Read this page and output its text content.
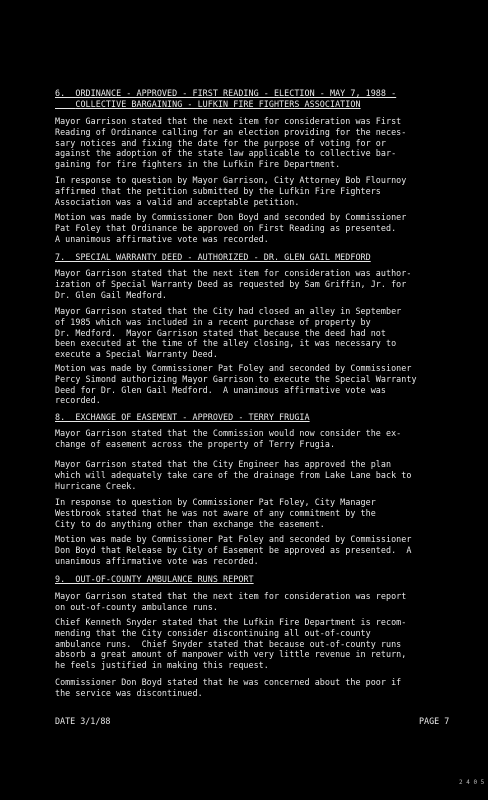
6.  ORDINANCE - APPROVED - FIRST READING - ELECTION - MAY 7, 1988 -
COLLECTIVE BARGAINING - LUFKIN FIRE FIGHTERS ASSOCIATION
Mayor Garrison stated that the next item for consideration was First
Reading of Ordinance calling for an election providing for the neces-
sary notices and fixing the date for the purpose of voting for or
against the adoption of the state law applicable to collective bar-
gaining for fire fighters in the Lufkin Fire Department.
In response to question by Mayor Garrison, City Attorney Bob Flournoy
affirmed that the petition submitted by the Lufkin Fire Fighters
Association was a valid and acceptable petition.
Motion was made by Commissioner Don Boyd and seconded by Commissioner
Pat Foley that Ordinance be approved on First Reading as presented.
A unanimous affirmative vote was recorded.
7.  SPECIAL WARRANTY DEED - AUTHORIZED - DR. GLEN GAIL MEDFORD
Mayor Garrison stated that the next item for consideration was author-
ization of Special Warranty Deed as requested by Sam Griffin, Jr. for
Dr. Glen Gail Medford.
Mayor Garrison stated that the City had closed an alley in September
of 1985 which was included in a recent purchase of property by
Dr. Medford.  Mayor Garrison stated that because the deed had not
been executed at the time of the alley closing, it was necessary to
execute a Special Warranty Deed.
Motion was made by Commissioner Pat Foley and seconded by Commissioner
Percy Simond authorizing Mayor Garrison to execute the Special Warranty
Deed for Dr. Glen Gail Medford.  A unanimous affirmative vote was
recorded.
8.  EXCHANGE OF EASEMENT - APPROVED - TERRY FRUGIA
Mayor Garrison stated that the Commission would now consider the ex-
change of easement across the property of Terry Frugia.
Mayor Garrison stated that the City Engineer has approved the plan
which will adequately take care of the drainage from Lake Lane back to
Hurricane Creek.
In response to question by Commissioner Pat Foley, City Manager
Westbrook stated that he was not aware of any commitment by the
City to do anything other than exchange the easement.
Motion was made by Commissioner Pat Foley and seconded by Commissioner
Don Boyd that Release by City of Easement be approved as presented.  A
unanimous affirmative vote was recorded.
9.  OUT-OF-COUNTY AMBULANCE RUNS REPORT
Mayor Garrison stated that the next item for consideration was report
on out-of-county ambulance runs.
Chief Kenneth Snyder stated that the Lufkin Fire Department is recom-
mending that the City consider discontinuing all out-of-county
ambulance runs.  Chief Snyder stated that because out-of-county runs
absorb a great amount of manpower with very little revenue in return,
he feels justified in making this request.
Commissioner Don Boyd stated that he was concerned about the poor if
the service was discontinued.
DATE 3/1/88	PAGE 7
2 4 0 5
